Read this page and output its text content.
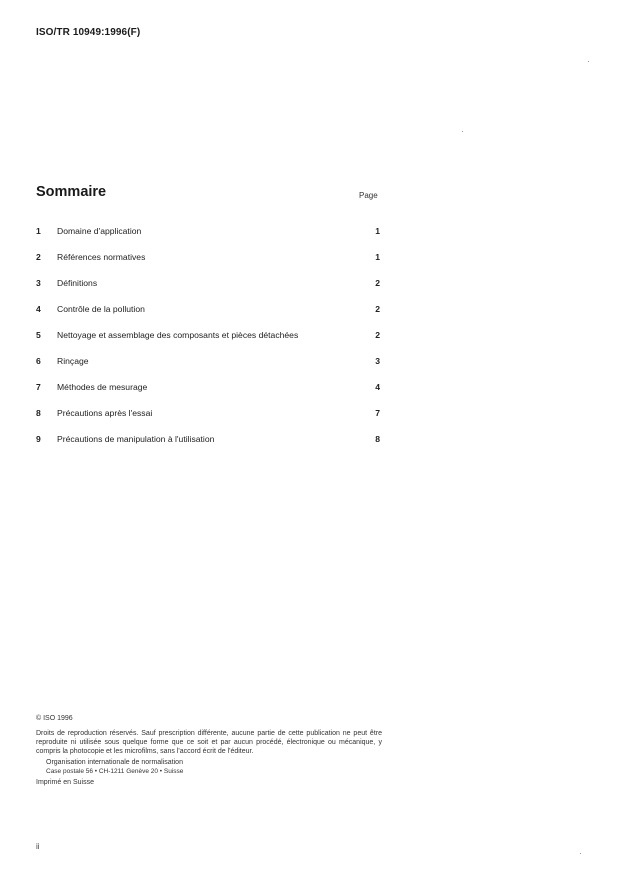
ISO/TR 10949:1996(F)
Sommaire	Page
1 Domaine d'application	1
2 Références normatives	1
3 Définitions	2
4 Contrôle de la pollution	2
5 Nettoyage et assemblage des composants et pièces détachées	2
6 Rinçage	3
7 Méthodes de mesurage	4
8 Précautions après l'essai	7
9 Précautions de manipulation à l'utilisation	8

© ISO 1996

Droits de reproduction réservés. Sauf prescription différente, aucune partie de cette publication ne peut être reproduite ni utilisée sous quelque forme que ce soit et par aucun procédé, électronique ou mécanique, y compris la photocopie et les microfilms, sans l'accord écrit de l'éditeur.

Organisation internationale de normalisation

Case postale 56 • CH-1211 Genève 20 • Suisse

Imprimé en Suisse

ii
